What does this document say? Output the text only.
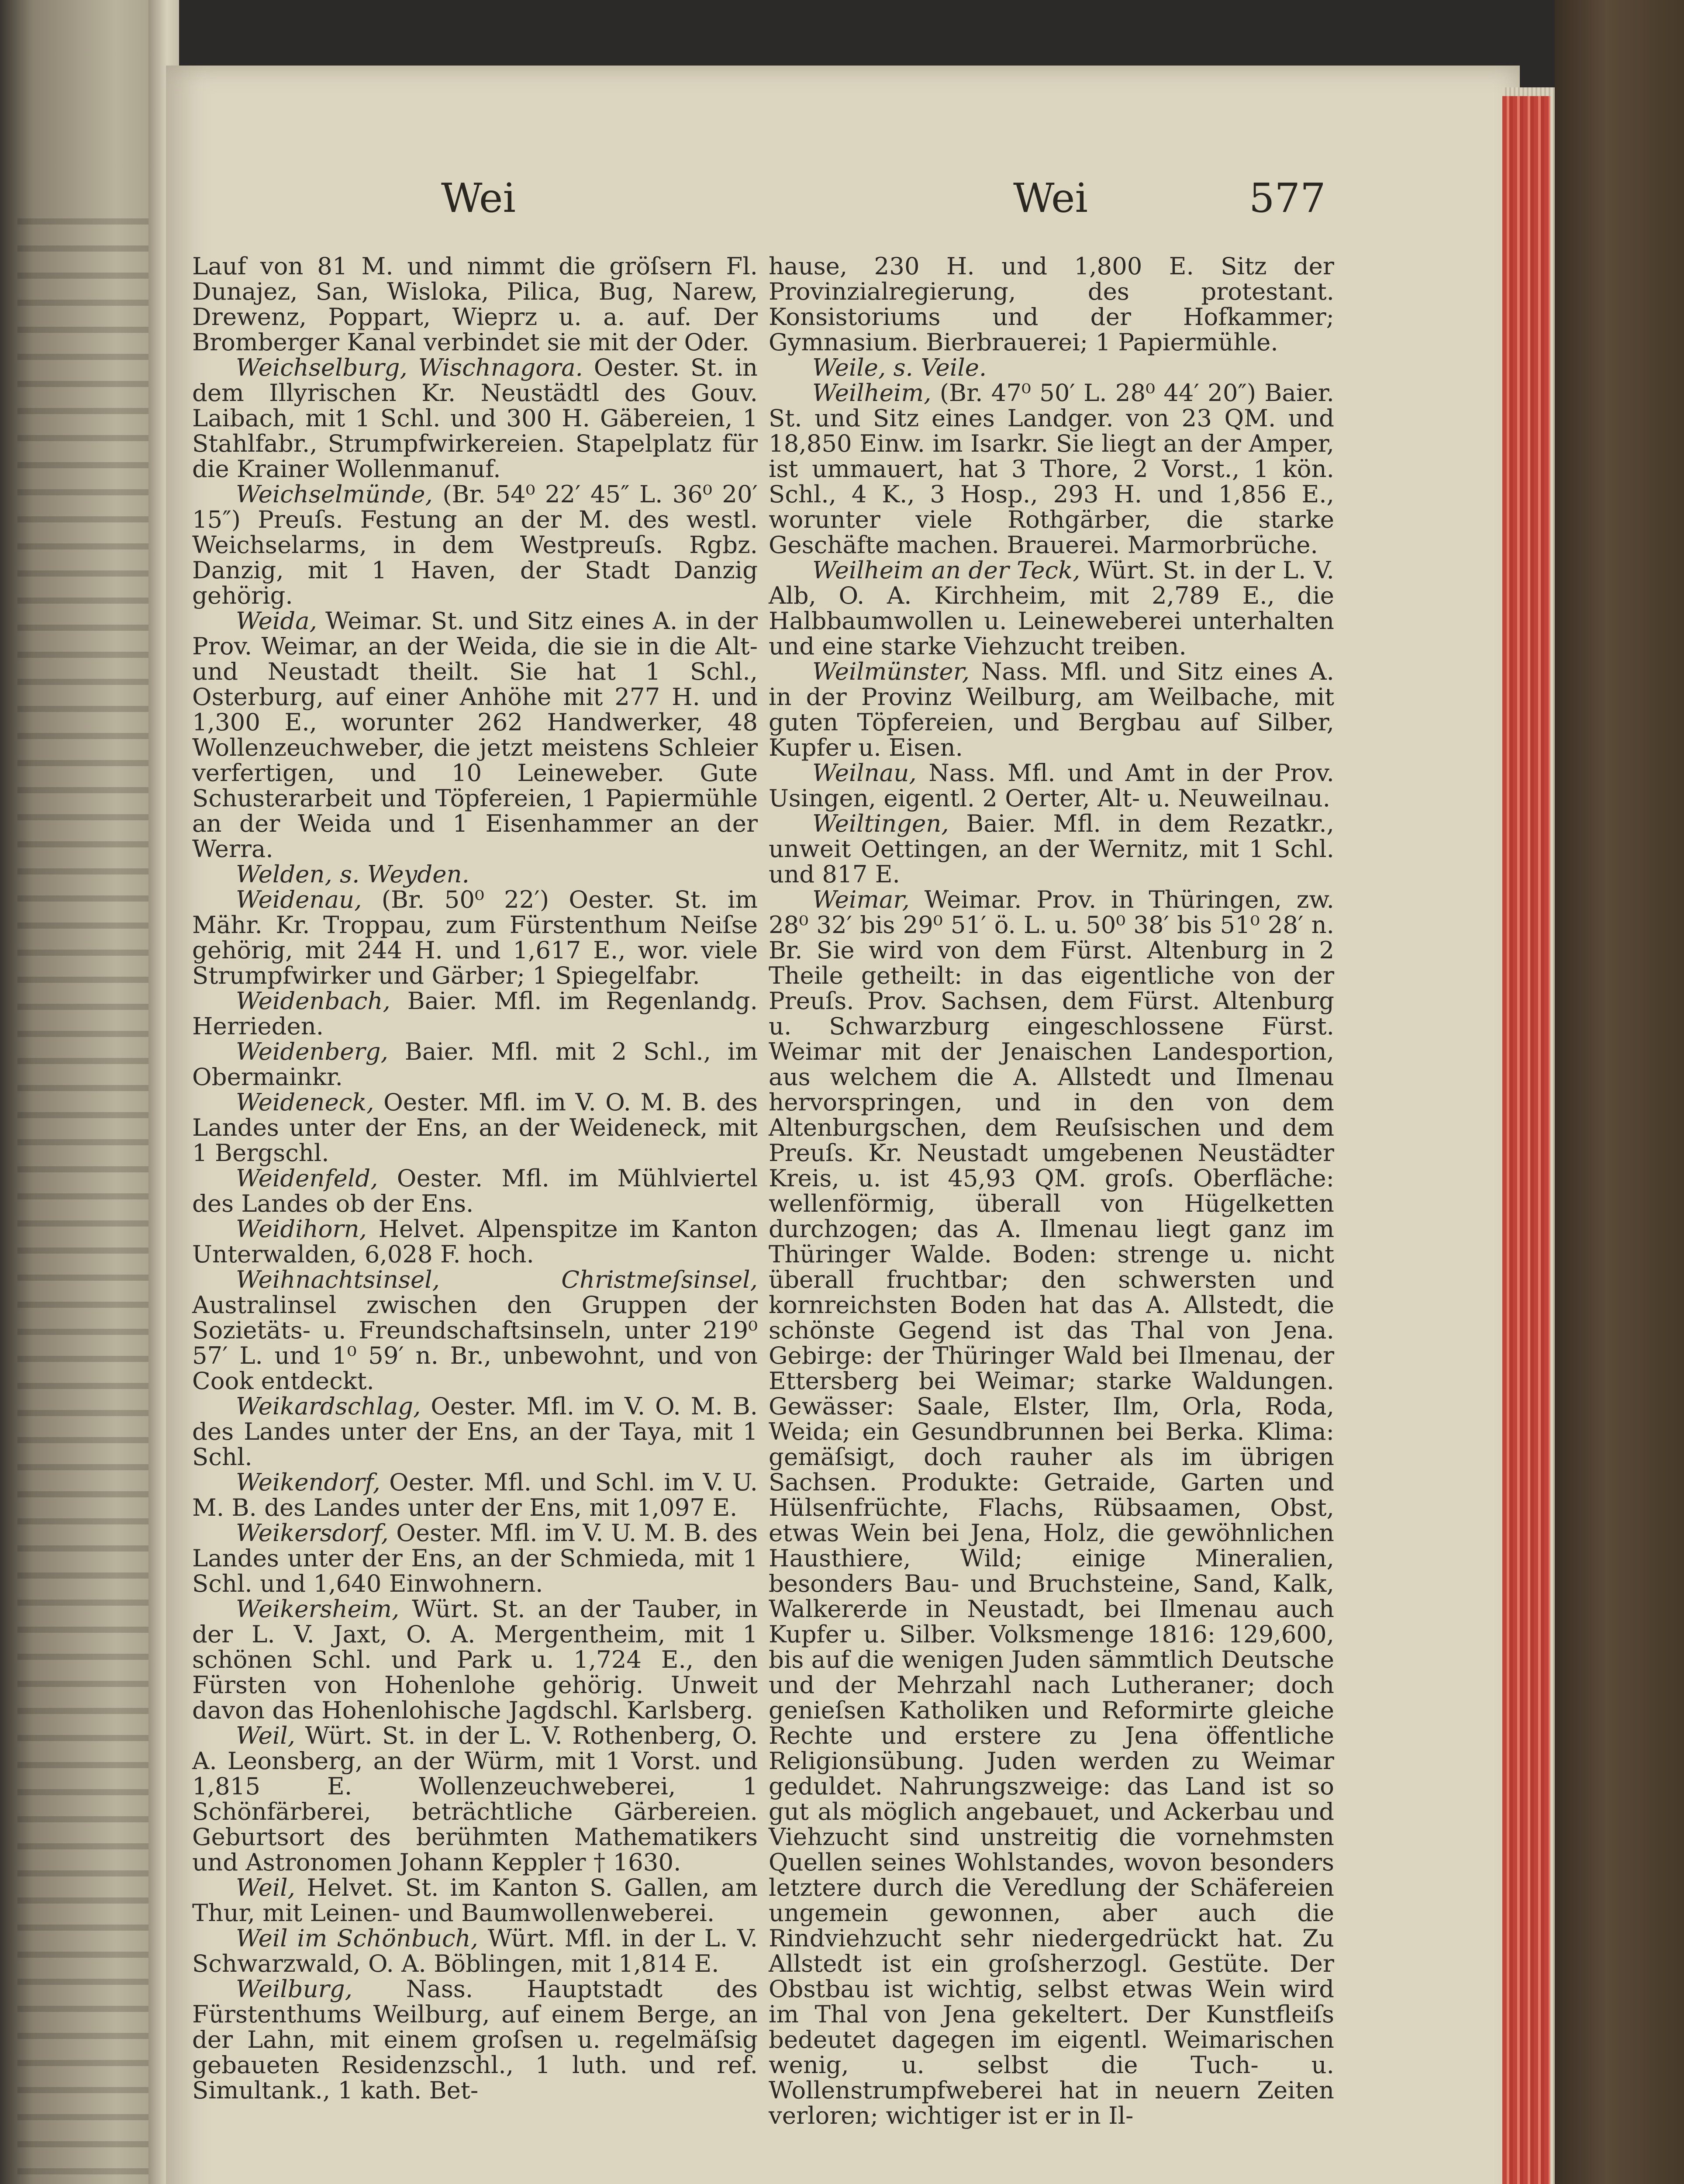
Wei	Wei	577

Lauf von 81 M. und nimmt die gröſsern Fl. Dunajez, San, Wisloka, Pilica, Bug, Narew, Drewenz, Poppart, Wieprz u. a. auf. Der Bromberger Kanal verbindet sie mit der Oder.

Weichselburg, Wischnagora. Oester. St. in dem Illyrischen Kr. Neustädtl des Gouv. Laibach, mit 1 Schl. und 300 H. Gäbereien, 1 Stahlfabr., Strumpfwirkereien. Stapelplatz für die Krainer Wollenmanuf.

Weichselmünde, (Br. 54⁰ 22′ 45″ L. 36⁰ 20′ 15″) Preuſs. Festung an der M. des westl. Weichselarms, in dem Westpreuſs. Rgbz. Danzig, mit 1 Haven, der Stadt Danzig gehörig.

Weida, Weimar. St. und Sitz eines A. in der Prov. Weimar, an der Weida, die sie in die Alt- und Neustadt theilt. Sie hat 1 Schl., Osterburg, auf einer Anhöhe mit 277 H. und 1,300 E., worunter 262 Handwerker, 48 Wollenzeuchweber, die jetzt meistens Schleier verfertigen, und 10 Leineweber. Gute Schusterarbeit und Töpfereien, 1 Papiermühle an der Weida und 1 Eisenhammer an der Werra.

Welden, s. Weyden.

Weidenau, (Br. 50⁰ 22′) Oester. St. im Mähr. Kr. Troppau, zum Fürstenthum Neiſse gehörig, mit 244 H. und 1,617 E., wor. viele Strumpfwirker und Gärber; 1 Spiegelfabr.

Weidenbach, Baier. Mfl. im Regenlandg. Herrieden.

Weidenberg, Baier. Mfl. mit 2 Schl., im Obermainkr.

Weideneck, Oester. Mfl. im V. O. M. B. des Landes unter der Ens, an der Weideneck, mit 1 Bergschl.

Weidenfeld, Oester. Mfl. im Mühlviertel des Landes ob der Ens.

Weidihorn, Helvet. Alpenspitze im Kanton Unterwalden, 6,028 F. hoch.

Weihnachtsinsel, Christmeſsinsel, Australinsel zwischen den Gruppen der Sozietäts- u. Freundschaftsinseln, unter 219⁰ 57′ L. und 1⁰ 59′ n. Br., unbewohnt, und von Cook entdeckt.

Weikardschlag, Oester. Mfl. im V. O. M. B. des Landes unter der Ens, an der Taya, mit 1 Schl.

Weikendorf, Oester. Mfl. und Schl. im V. U. M. B. des Landes unter der Ens, mit 1,097 E.

Weikersdorf, Oester. Mfl. im V. U. M. B. des Landes unter der Ens, an der Schmieda, mit 1 Schl. und 1,640 Einwohnern.

Weikersheim, Würt. St. an der Tauber, in der L. V. Jaxt, O. A. Mergentheim, mit 1 schönen Schl. und Park u. 1,724 E., den Fürsten von Hohenlohe gehörig. Unweit davon das Hohenlohische Jagdschl. Karlsberg.

Weil, Würt. St. in der L. V. Rothenberg, O. A. Leonsberg, an der Würm, mit 1 Vorst. und 1,815 E. Wollenzeuchweberei, 1 Schönfärberei, beträchtliche Gärbereien. Geburtsort des berühmten Mathematikers und Astronomen Johann Keppler † 1630.

Weil, Helvet. St. im Kanton S. Gallen, am Thur, mit Leinen- und Baumwollenweberei.

Weil im Schönbuch, Würt. Mfl. in der L. V. Schwarzwald, O. A. Böblingen, mit 1,814 E.

Weilburg, Nass. Hauptstadt des Fürstenthums Weilburg, auf einem Berge, an der Lahn, mit einem groſsen u. regelmäſsig gebaueten Residenzschl., 1 luth. und ref. Simultank., 1 kath. Bet-

hause, 230 H. und 1,800 E. Sitz der Provinzialregierung, des protestant. Konsistoriums und der Hofkammer; Gymnasium. Bierbrauerei; 1 Papiermühle.

Weile, s. Veile.

Weilheim, (Br. 47⁰ 50′ L. 28⁰ 44′ 20″) Baier. St. und Sitz eines Landger. von 23 QM. und 18,850 Einw. im Isarkr. Sie liegt an der Amper, ist ummauert, hat 3 Thore, 2 Vorst., 1 kön. Schl., 4 K., 3 Hosp., 293 H. und 1,856 E., worunter viele Rothgärber, die starke Geschäfte machen. Brauerei. Marmorbrüche.

Weilheim an der Teck, Würt. St. in der L. V. Alb, O. A. Kirchheim, mit 2,789 E., die Halbbaumwollen u. Leineweberei unterhalten und eine starke Viehzucht treiben.

Weilmünster, Nass. Mfl. und Sitz eines A. in der Provinz Weilburg, am Weilbache, mit guten Töpfereien, und Bergbau auf Silber, Kupfer u. Eisen.

Weilnau, Nass. Mfl. und Amt in der Prov. Usingen, eigentl. 2 Oerter, Alt- u. Neuweilnau.

Weiltingen, Baier. Mfl. in dem Rezatkr., unweit Oettingen, an der Wernitz, mit 1 Schl. und 817 E.

Weimar, Weimar. Prov. in Thüringen, zw. 28⁰ 32′ bis 29⁰ 51′ ö. L. u. 50⁰ 38′ bis 51⁰ 28′ n. Br. Sie wird von dem Fürst. Altenburg in 2 Theile getheilt: in das eigentliche von der Preuſs. Prov. Sachsen, dem Fürst. Altenburg u. Schwarzburg eingeschlossene Fürst. Weimar mit der Jenaischen Landesportion, aus welchem die A. Allstedt und Ilmenau hervorspringen, und in den von dem Altenburgschen, dem Reuſsischen und dem Preuſs. Kr. Neustadt umgebenen Neustädter Kreis, u. ist 45,93 QM. groſs. Oberfläche: wellenförmig, überall von Hügelketten durchzogen; das A. Ilmenau liegt ganz im Thüringer Walde. Boden: strenge u. nicht überall fruchtbar; den schwersten und kornreichsten Boden hat das A. Allstedt, die schönste Gegend ist das Thal von Jena. Gebirge: der Thüringer Wald bei Ilmenau, der Ettersberg bei Weimar; starke Waldungen. Gewässer: Saale, Elster, Ilm, Orla, Roda, Weida; ein Gesundbrunnen bei Berka. Klima: gemäſsigt, doch rauher als im übrigen Sachsen. Produkte: Getraide, Garten und Hülsenfrüchte, Flachs, Rübsaamen, Obst, etwas Wein bei Jena, Holz, die gewöhnlichen Hausthiere, Wild; einige Mineralien, besonders Bau- und Bruchsteine, Sand, Kalk, Walkererde in Neustadt, bei Ilmenau auch Kupfer u. Silber. Volksmenge 1816: 129,600, bis auf die wenigen Juden sämmtlich Deutsche und der Mehrzahl nach Lutheraner; doch genieſsen Katholiken und Reformirte gleiche Rechte und erstere zu Jena öffentliche Religionsübung. Juden werden zu Weimar geduldet. Nahrungszweige: das Land ist so gut als möglich angebauet, und Ackerbau und Viehzucht sind unstreitig die vornehmsten Quellen seines Wohlstandes, wovon besonders letztere durch die Veredlung der Schäfereien ungemein gewonnen, aber auch die Rindviehzucht sehr niedergedrückt hat. Zu Allstedt ist ein groſsherzogl. Gestüte. Der Obstbau ist wichtig, selbst etwas Wein wird im Thal von Jena gekeltert. Der Kunstfleiſs bedeutet dagegen im eigentl. Weimarischen wenig, u. selbst die Tuch- u. Wollenstrumpfweberei hat in neuern Zeiten verloren; wichtiger ist er in Il-
